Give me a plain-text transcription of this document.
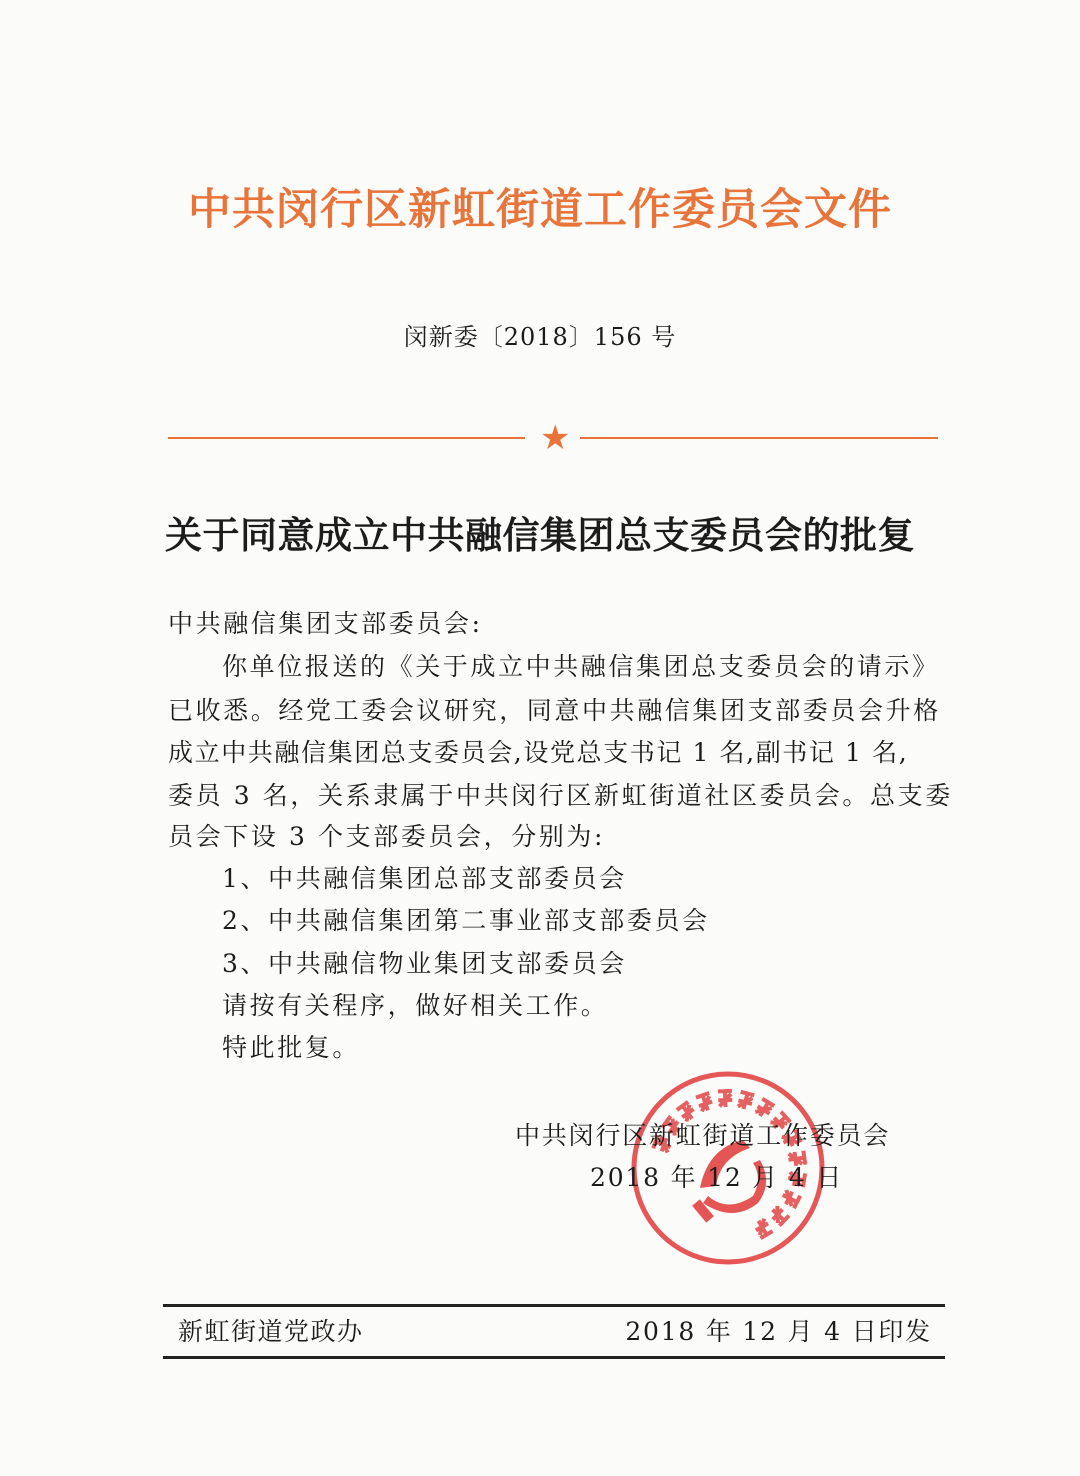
中共闵行区新虹街道工作委员会文件
闵新委〔2018〕156 号
★
关于同意成立中共融信集团总支委员会的批复
中共融信集团支部委员会:
你单位报送的《关于成立中共融信集团总支委员会的请示》
已收悉。经党工委会议研究，同意中共融信集团支部委员会升格
成立中共融信集团总支委员会,设党总支书记 1 名,副书记 1 名,
委员 3 名，关系隶属于中共闵行区新虹街道社区委员会。总支委
员会下设 3 个支部委员会，分别为:
1、中共融信集团总部支部委员会
2、中共融信集团第二事业部支部委员会
3、中共融信物业集团支部委员会
请按有关程序，做好相关工作。
特此批复。
中共闵行区新虹街道工作委员会
2018 年 12 月 4 日
新虹街道党政办	2018 年 12 月 4 日印发
